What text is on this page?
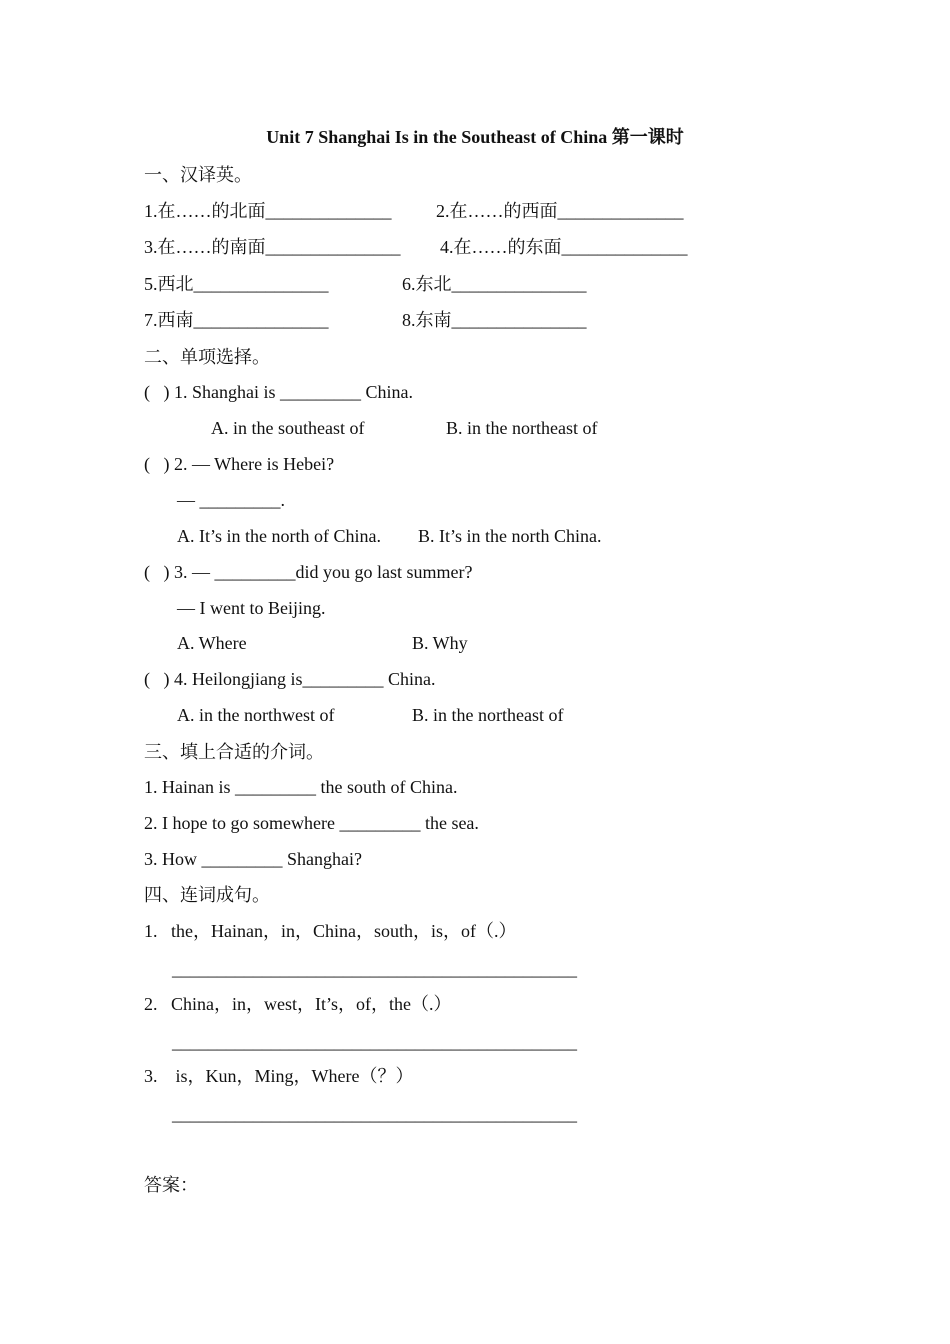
Unit 7 Shanghai Is in the Southeast of China 第一课时
一、汉译英。
1.在……的北面______________ 2.在……的西面______________
3.在……的南面_______________ 4.在……的东面______________
5.西北_______________	6.东北_______________
7.西南_______________	8.东南_______________
二、单项选择。
(   ) 1. Shanghai is _________ China.
A. in the southeast of	B. in the northeast of
(   ) 2. — Where is Hebei?
— _________.
A. It’s in the north of China. B. It’s in the north China.
(   ) 3. — _________did you go last summer?
— I went to Beijing.
A. Where	B. Why
(   ) 4. Heilongjiang is_________ China.
A. in the northwest of	B. in the northeast of
三、填上合适的介词。
1. Hainan is _________ the south of China.
2. I hope to go somewhere _________ the sea.
3. How _________ Shanghai?
四、连词成句。
1.   the，Hainan，in，China，south，is，of（.）
_____________________________________________
2.   China，in，west，It’s，of，the（.）
_____________________________________________
3.    is，Kun，Ming，Where（？）
_____________________________________________
答案：
